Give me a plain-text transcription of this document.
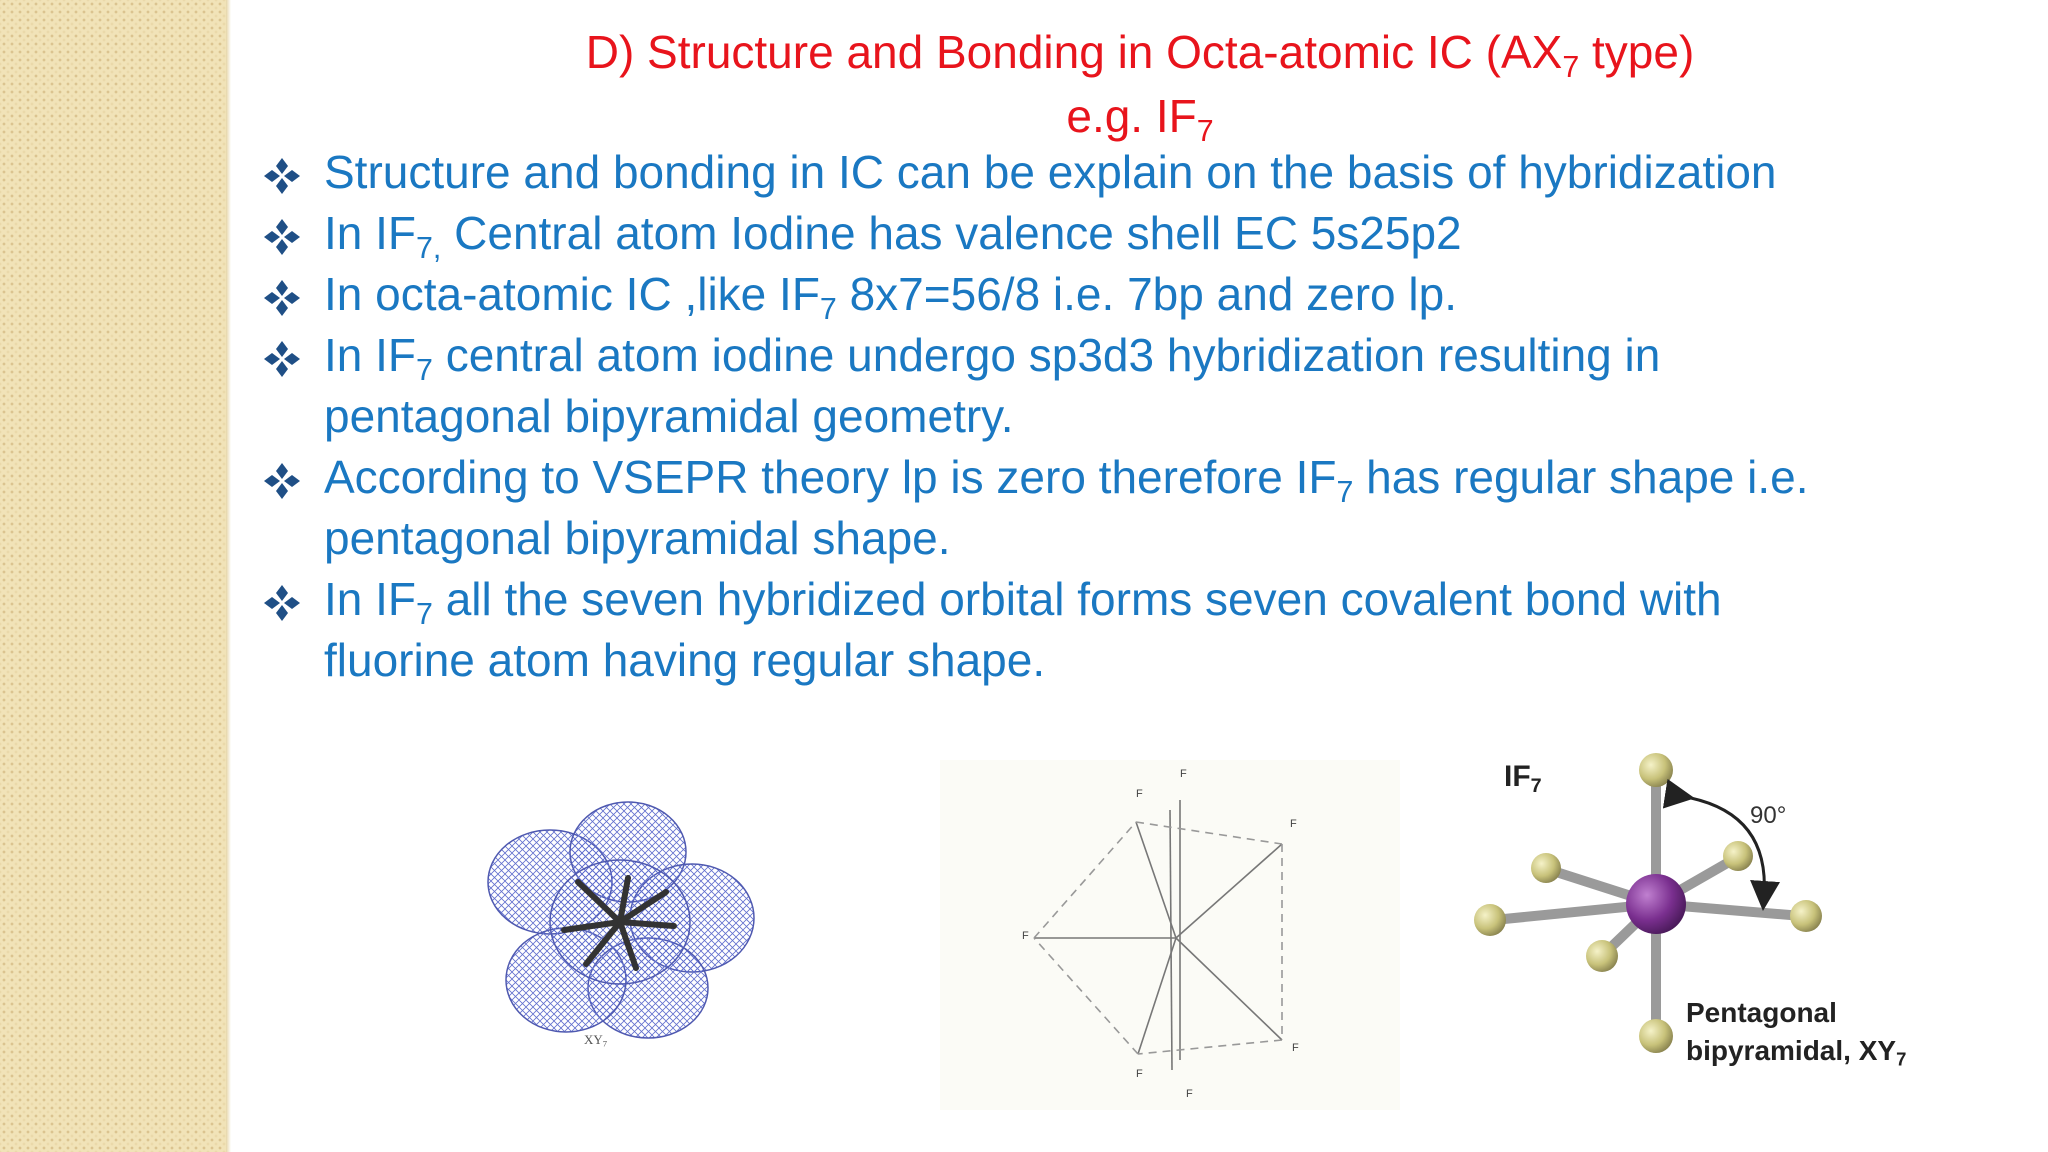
D) Structure and Bonding in Octa-atomic IC ($AX_7$ type)
e.g. $IF_7$
Structure and bonding in IC can be explain on the basis of hybridization
In $IF_{7,}$ Central atom Iodine has valence shell EC 5s25p2
In octa-atomic IC ,like $IF_7$ 8x7=56/8 i.e. 7bp and zero lp.
In $IF_7$ central atom iodine undergo sp3d3 hybridization resulting in
pentagonal bipyramidal geometry.
According to VSEPR theory lp is zero therefore $IF_7$ has regular shape i.e.
pentagonal bipyramidal shape.
In $IF_7$ all the seven hybridized orbital forms seven covalent bond with
fluorine atom having regular shape.
$XY_7$
F
F
F
F
F
F
F
$IF_7$
90°
Pentagonal
bipyramidal, $XY_7$
